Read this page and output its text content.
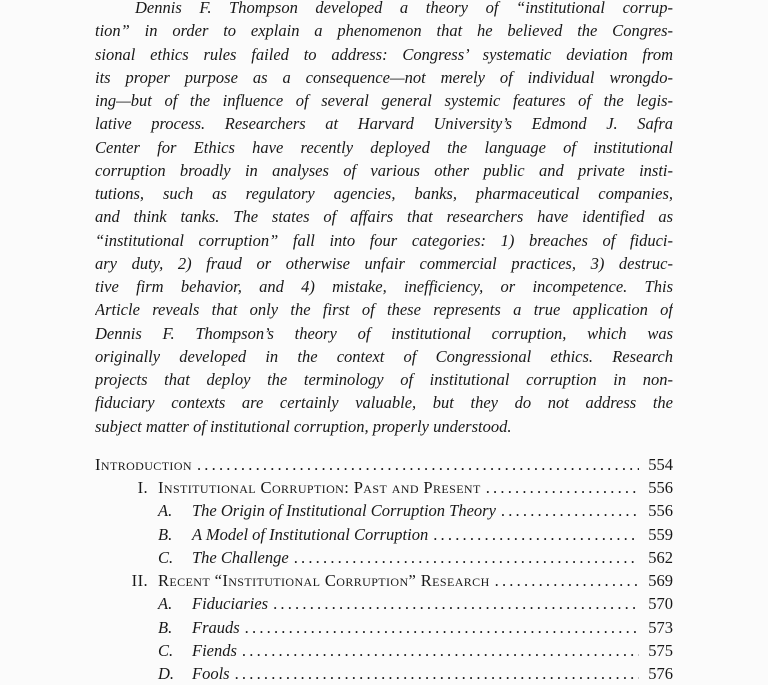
Dennis F. Thompson developed a theory of “institutional corrup-
tion” in order to explain a phenomenon that he believed the Congres-
sional ethics rules failed to address: Congress’ systematic deviation from
its proper purpose as a consequence—not merely of individual wrongdo-
ing—but of the influence of several general systemic features of the legis-
lative process. Researchers at Harvard University’s Edmond J. Safra
Center for Ethics have recently deployed the language of institutional
corruption broadly in analyses of various other public and private insti-
tutions, such as regulatory agencies, banks, pharmaceutical companies,
and think tanks. The states of affairs that researchers have identified as
“institutional corruption” fall into four categories: 1) breaches of fiduci-
ary duty, 2) fraud or otherwise unfair commercial practices, 3) destruc-
tive firm behavior, and 4) mistake, inefficiency, or incompetence. This
Article reveals that only the first of these represents a true application of
Dennis F. Thompson’s theory of institutional corruption, which was
originally developed in the context of Congressional ethics. Research
projects that deploy the terminology of institutional corruption in non-
fiduciary contexts are certainly valuable, but they do not address the
subject matter of institutional corruption, properly understood.
Introduction .....	554
I. Institutional Corruption: Past and Present .....	556
A.	The Origin of Institutional Corruption Theory .....	556
B.	A Model of Institutional Corruption .....	559
C.	The Challenge .....	562
II. Recent “Institutional Corruption” Research .....	569
A.	Fiduciaries .....	570
B.	Frauds .....	573
C.	Fiends .....	575
D.	Fools .....	576
